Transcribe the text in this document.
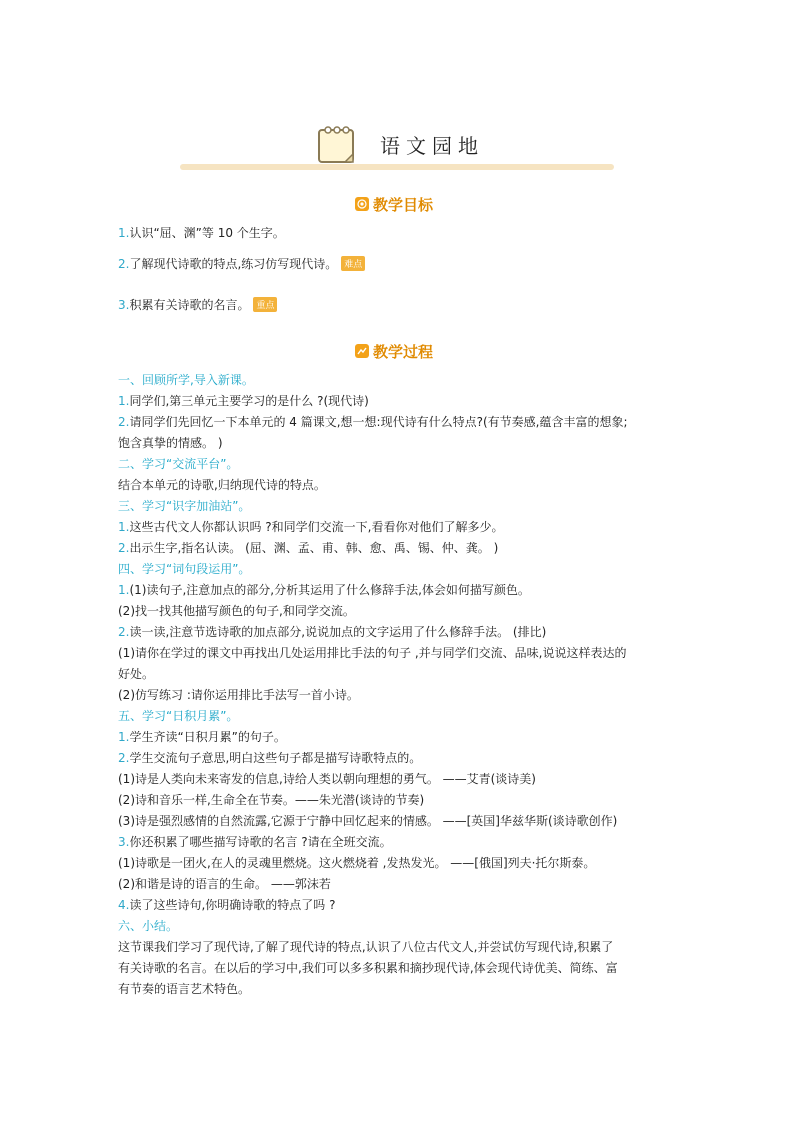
语文园地
教学目标
1.认识“屈、渊”等 10 个生字。
2.了解现代诗歌的特点,练习仿写现代诗。 难点
3.积累有关诗歌的名言。 重点
教学过程

一、回顾所学,导入新课。

1.同学们,第三单元主要学习的是什么 ?(现代诗)

2.请同学们先回忆一下本单元的 4 篇课文,想一想:现代诗有什么特点?(有节奏感,蕴含丰富的想象;

饱含真挚的情感。 )

二、学习“交流平台”。

结合本单元的诗歌,归纳现代诗的特点。

三、学习“识字加油站”。

1.这些古代文人你都认识吗 ?和同学们交流一下,看看你对他们了解多少。

2.出示生字,指名认读。 (屈、渊、孟、甫、韩、愈、禹、锡、仲、龚。 )

四、学习“词句段运用”。

1.(1)读句子,注意加点的部分,分析其运用了什么修辞手法,体会如何描写颜色。

(2)找一找其他描写颜色的句子,和同学交流。

2.读一读,注意节选诗歌的加点部分,说说加点的文字运用了什么修辞手法。 (排比)

(1)请你在学过的课文中再找出几处运用排比手法的句子 ,并与同学们交流、品味,说说这样表达的

好处。

(2)仿写练习 :请你运用排比手法写一首小诗。

五、学习“日积月累”。

1.学生齐读“日积月累”的句子。

2.学生交流句子意思,明白这些句子都是描写诗歌特点的。

(1)诗是人类向未来寄发的信息,诗给人类以朝向理想的勇气。 ——艾青(谈诗美)

(2)诗和音乐一样,生命全在节奏。——朱光潜(谈诗的节奏)

(3)诗是强烈感情的自然流露,它源于宁静中回忆起来的情感。 ——[英国]华兹华斯(谈诗歌创作)

3.你还积累了哪些描写诗歌的名言 ?请在全班交流。

(1)诗歌是一团火,在人的灵魂里燃烧。这火燃烧着 ,发热发光。 ——[俄国]列夫·托尔斯泰。

(2)和谐是诗的语言的生命。 ——郭沫若

4.读了这些诗句,你明确诗歌的特点了吗 ?

六、小结。

这节课我们学习了现代诗,了解了现代诗的特点,认识了八位古代文人,并尝试仿写现代诗,积累了

有关诗歌的名言。在以后的学习中,我们可以多多积累和摘抄现代诗,体会现代诗优美、简练、富

有节奏的语言艺术特色。
